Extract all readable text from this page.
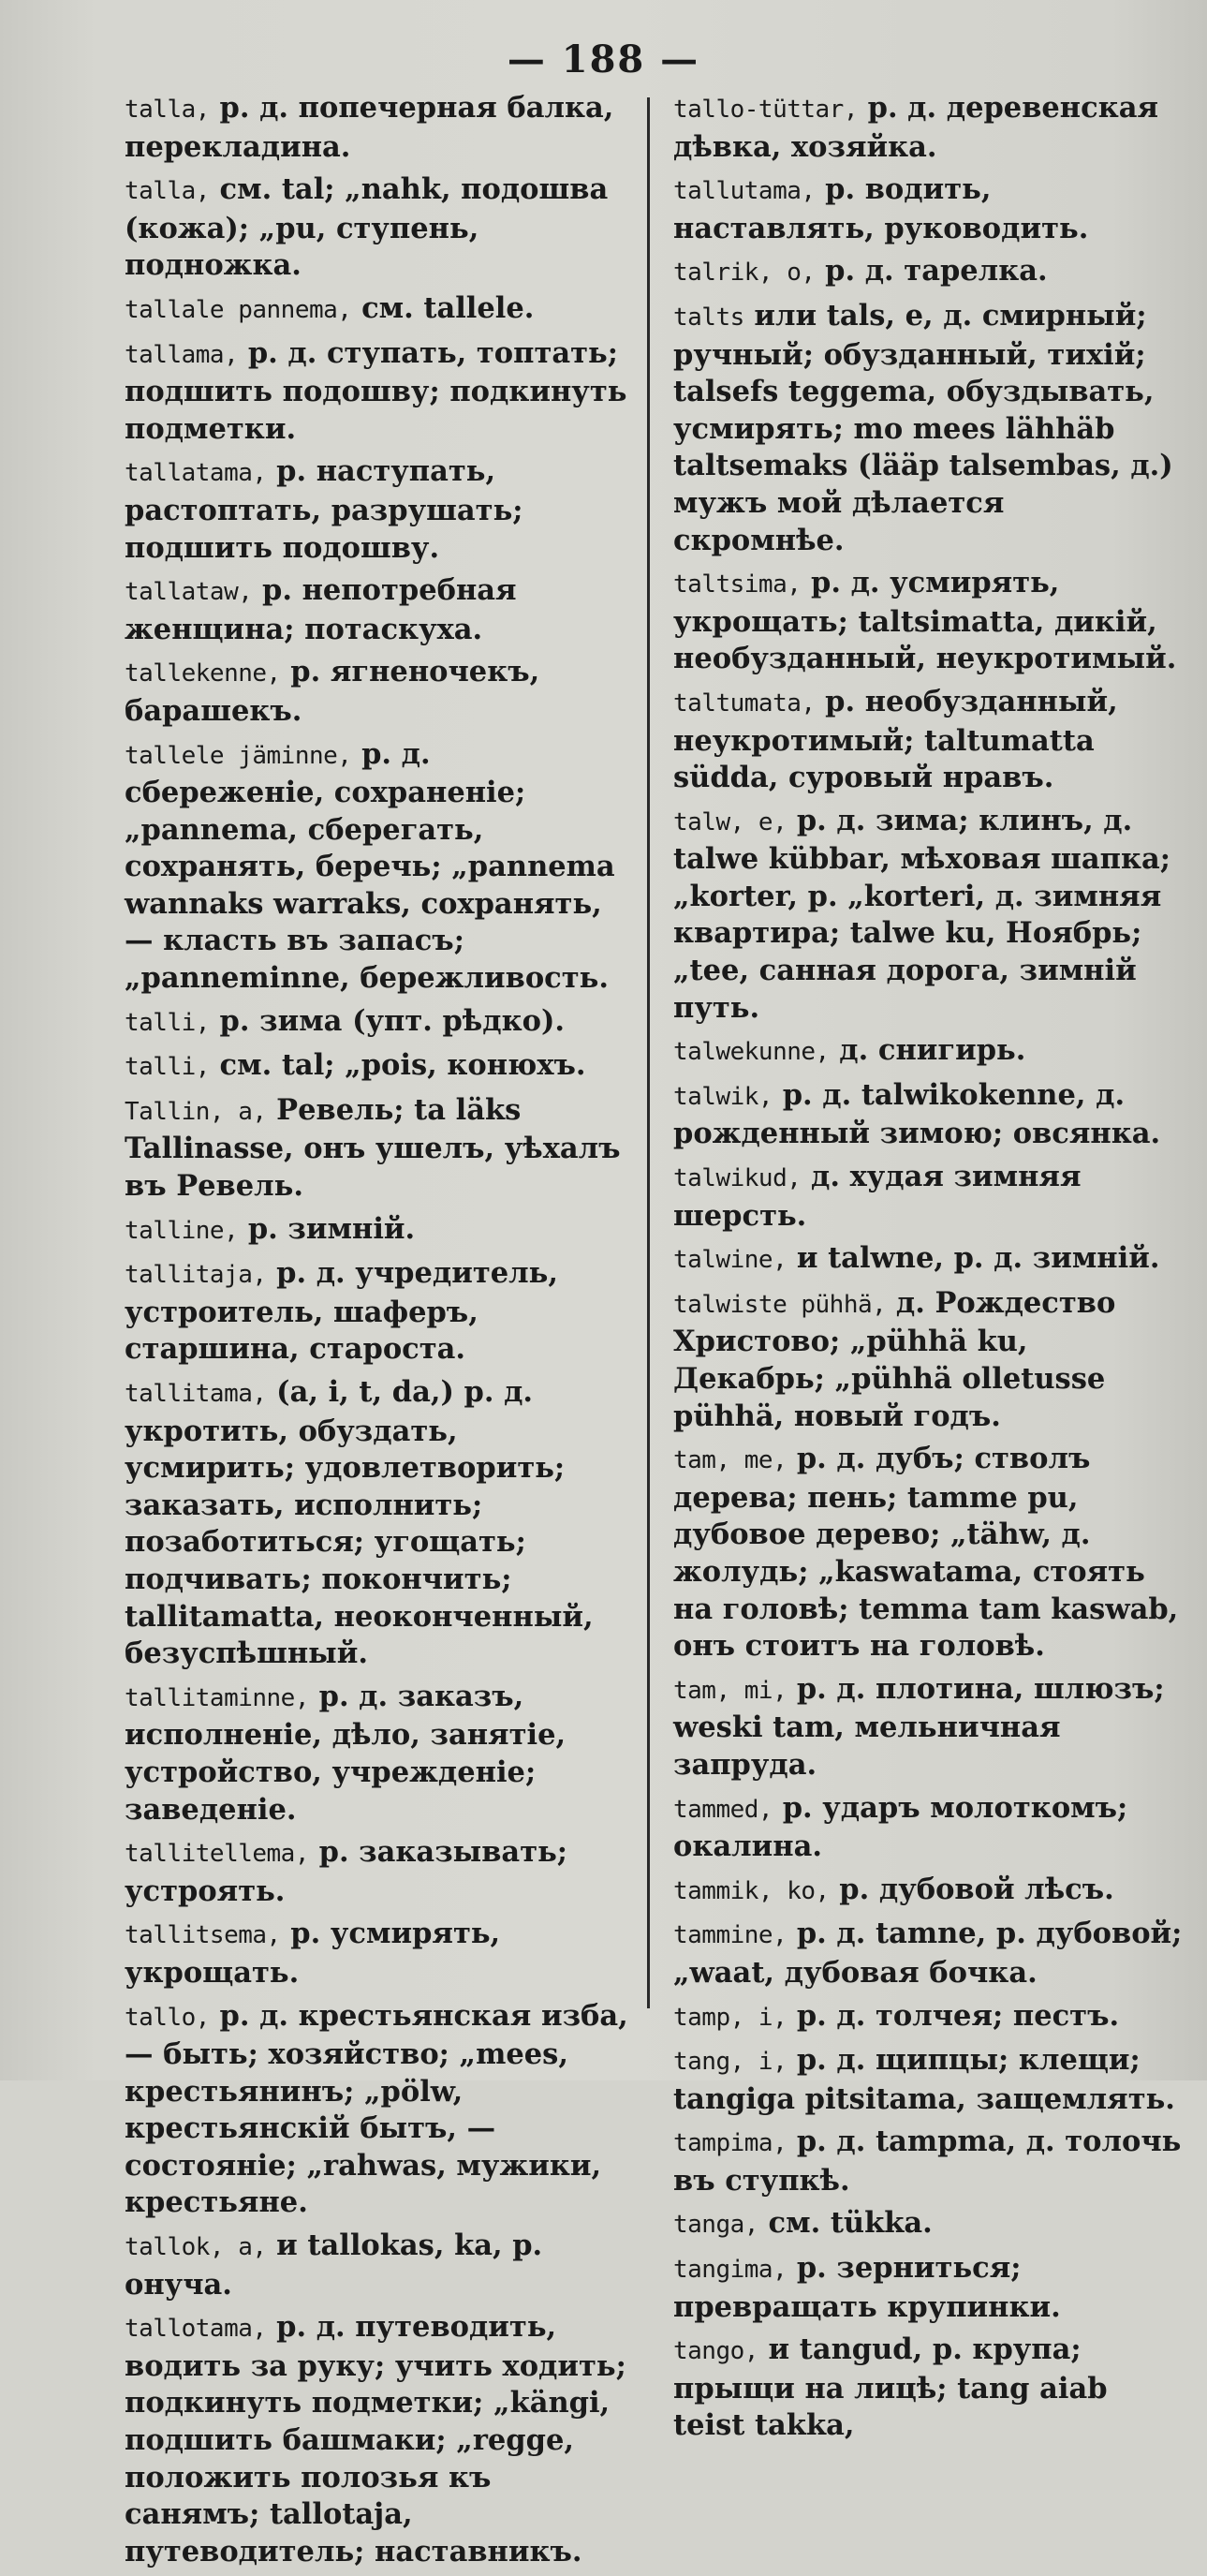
— 188 —
talla, р. д. попечерная балка, перекладина.
talla, см. tal; „nahk, подошва (кожа); „pu, ступень, подножка.
tallale pannema, см. tallele.
tallama, р. д. ступать, топтать; подшить подошву; подкинуть подметки.
tallatama, р. наступать, растоптать, разрушать; подшить подошву.
tallataw, р. непотребная женщина; потаскуха.
tallekenne, р. ягненочекъ, барашекъ.
tallele jäminne, р. д. сбереженіе, сохраненіе; „pannema, сберегать, сохранять, беречь; „pannema wannaks warraks, сохранять, — класть въ запасъ; „panneminne, бережливость.
talli, р. зима (упт. рѣдко).
talli, см. tal; „pois, конюхъ.
Tallin, a, Ревель; ta läks Tallinasse, онъ ушелъ, уѣхалъ въ Ревель.
talline, р. зимній.
tallitaja, р. д. учредитель, устроитель, шаферъ, старшина, староста.
tallitama, (a, i, t, da,) р. д. укротить, обуздать, усмирить; удовлетворить; заказать, исполнить; позаботиться; угощать; подчивать; покончить; tallitamatta, неоконченный, безуспѣшный.
tallitaminne, р. д. заказъ, исполненіе, дѣло, занятіе, устройство, учрежденіе; заведеніе.
tallitellema, р. заказывать; устроять.
tallitsema, р. усмирять, укрощать.
tallo, р. д. крестьянская изба, — быть; хозяйство; „mees, крестьянинъ; „pölw, крестьянскій бытъ, — состояніе; „rahwas, мужики, крестьяне.
tallok, a, и tallokas, ka, р. онуча.
tallotama, р. д. путеводить, водить за руку; учить ходить; подкинуть подметки; „kängi, подшить башмаки; „regge, положить полозья къ санямъ; tallotaja, путеводитель; наставникъ.
tallo-tüttar, р. д. деревенская дѣвка, хозяйка.
tallutama, р. водить, наставлять, руководить.
talrik, o, р. д. тарелка.
talts или tals, e, д. смирный; ручный; обузданный, тихій; talsefs teggema, обуздывать, усмирять; mo mees lähhäb taltsemaks (lääp talsembas, д.) мужъ мой дѣлается скромнѣе.
taltsima, р. д. усмирять, укрощать; taltsimatta, дикій, необузданный, неукротимый.
taltumata, р. необузданный, неукротимый; taltumatta süddа, суровый нравъ.
talw, e, р. д. зима; клинъ, д. talwe kübbar, мѣховая шапка; „korter, р. „korteri, д. зимняя квартира; talwe ku, Ноябрь; „tee, санная дорога, зимній путь.
talwekunne, д. снигирь.
talwik, р. д. talwikokenne, д. рожденный зимою; овсянка.
talwikud, д. худая зимняя шерсть.
talwine, и talwne, р. д. зимній.
talwiste pühhä, д. Рождество Христово; „pühhä ku, Декабрь; „pühhä olletusse pühhä, новый годъ.
tam, me, р. д. дубъ; стволъ дерева; пень; tamme pu, дубовое дерево; „tähw, д. жолудь; „kaswatama, стоять на головѣ; temma tam kaswab, онъ стоитъ на головѣ.
tam, mi, р. д. плотина, шлюзъ; weski tam, мельничная запруда.
tammed, р. ударъ молоткомъ; окалина.
tammik, ko, р. дубовой лѣсъ.
tammine, р. д. tamne, р. дубовой; „waat, дубовая бочка.
tamp, i, р. д. толчея; пестъ.
tang, i, р. д. щипцы; клещи; tangiga pitsitama, защемлять.
tampima, р. д. tampma, д. толочь въ ступкѣ.
tanga, см. tükka.
tangima, р. зерниться; превращать крупинки.
tango, и tangud, р. крупа; прыщи на лицѣ; tang aiab teist takka,
